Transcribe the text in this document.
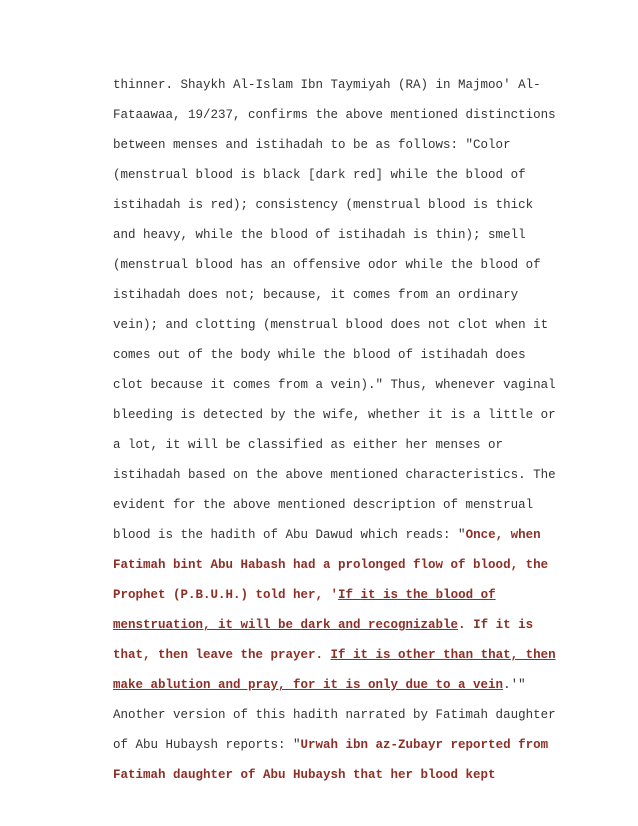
thinner. Shaykh Al-Islam Ibn Taymiyah (RA) in Majmoo' Al-
Fataawaa, 19/237, confirms the above mentioned distinctions
between menses and istihadah to be as follows: "Color
(menstrual blood is black [dark red] while the blood of
istihadah is red); consistency (menstrual blood is thick
and heavy, while the blood of istihadah is thin); smell
(menstrual blood has an offensive odor while the blood of
istihadah does not; because, it comes from an ordinary
vein); and clotting (menstrual blood does not clot when it
comes out of the body while the blood of istihadah does
clot because it comes from a vein)." Thus, whenever vaginal
bleeding is detected by the wife, whether it is a little or
a lot, it will be classified as either her menses or
istihadah based on the above mentioned characteristics. The
evident for the above mentioned description of menstrual
blood is the hadith of Abu Dawud which reads: "Once, when
Fatimah bint Abu Habash had a prolonged flow of blood, the
Prophet (P.B.U.H.) told her, 'If it is the blood of
menstruation, it will be dark and recognizable. If it is
that, then leave the prayer. If it is other than that, then
make ablution and pray, for it is only due to a vein.'"
Another version of this hadith narrated by Fatimah daughter
of Abu Hubaysh reports: "Urwah ibn az-Zubayr reported from
Fatimah daughter of Abu Hubaysh that her blood kept
